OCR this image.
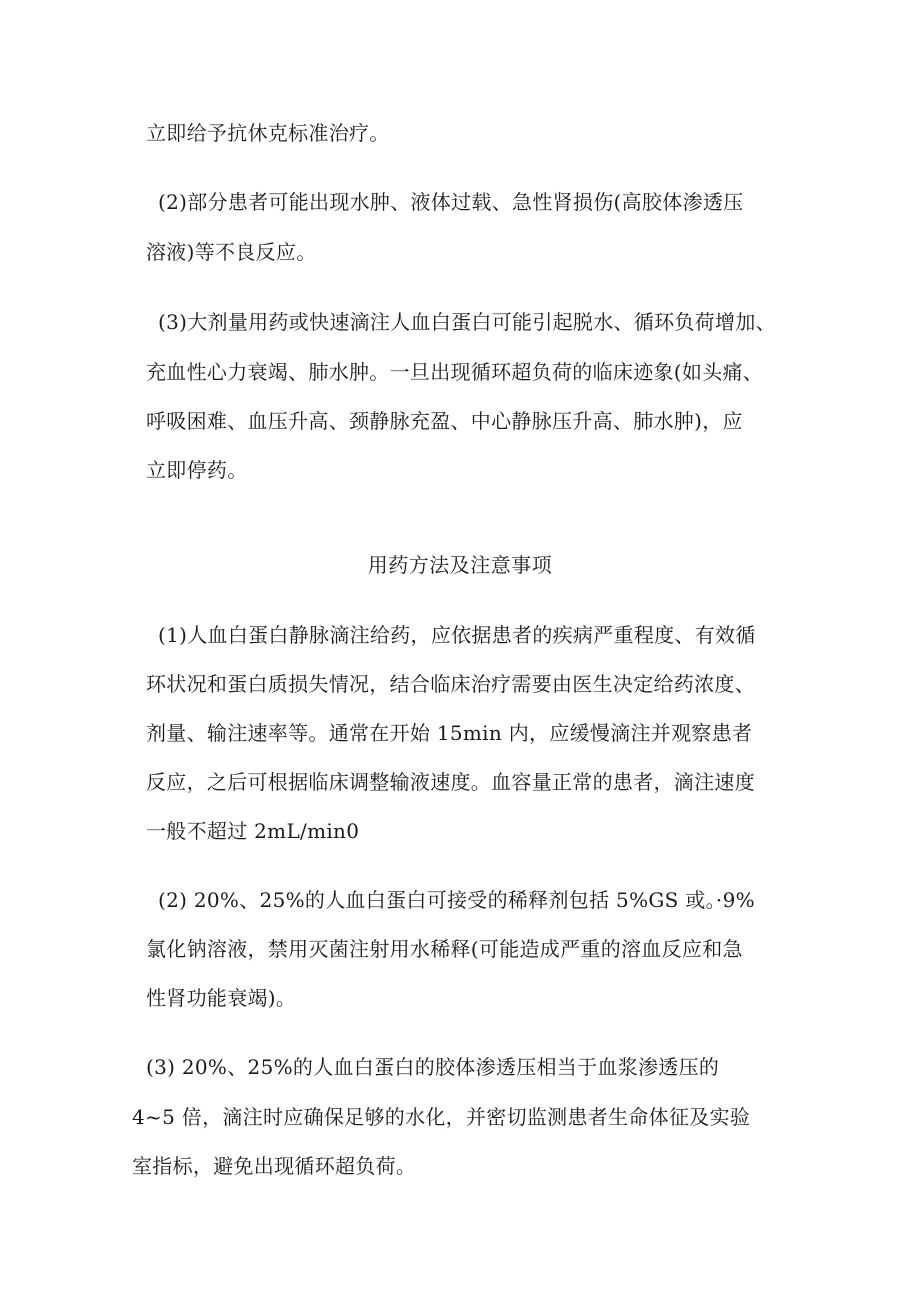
立即给予抗休克标准治疗。
(2)部分患者可能出现水肿、液体过载、急性肾损伤(高胶体渗透压
溶液)等不良反应。
(3)大剂量用药或快速滴注人血白蛋白可能引起脱水、循环负荷增加、
充血性心力衰竭、肺水肿。一旦出现循环超负荷的临床迹象(如头痛、
呼吸困难、血压升高、颈静脉充盈、中心静脉压升高、肺水肿)，应
立即停药。
用药方法及注意事项
(1)人血白蛋白静脉滴注给药，应依据患者的疾病严重程度、有效循
环状况和蛋白质损失情况，结合临床治疗需要由医生决定给药浓度、
剂量、输注速率等。通常在开始 15min 内，应缓慢滴注并观察患者
反应，之后可根据临床调整输液速度。血容量正常的患者，滴注速度
一般不超过 2mL/min0
(2) 20%、25%的人血白蛋白可接受的稀释剂包括 5%GS 或。·9%
氯化钠溶液，禁用灭菌注射用水稀释(可能造成严重的溶血反应和急
性肾功能衰竭)。
(3) 20%、25%的人血白蛋白的胶体渗透压相当于血浆渗透压的
4~5 倍，滴注时应确保足够的水化，并密切监测患者生命体征及实验
室指标，避免出现循环超负荷。
